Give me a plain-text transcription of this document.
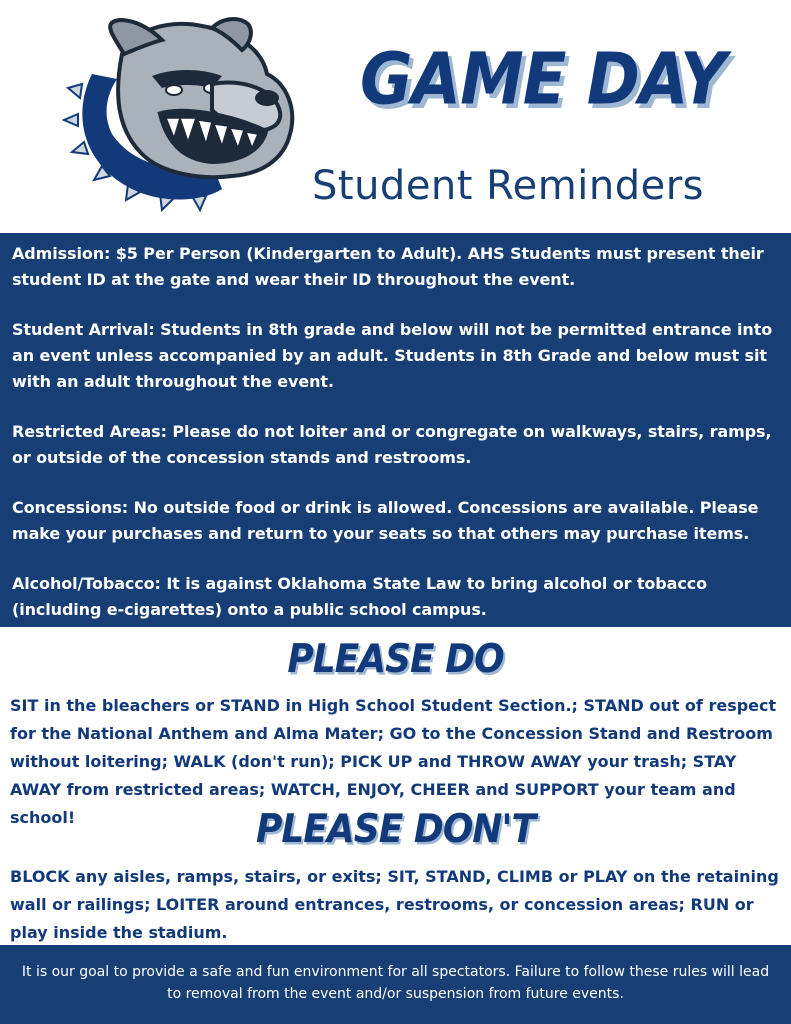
GAME DAY
Student Reminders

Admission: $5 Per Person (Kindergarten to Adult). AHS Students must present their student ID at the gate and wear their ID throughout the event.

Student Arrival: Students in 8th grade and below will not be permitted entrance into an event unless accompanied by an adult. Students in 8th Grade and below must sit with an adult throughout the event.

Restricted Areas: Please do not loiter and or congregate on walkways, stairs, ramps, or outside of the concession stands and restrooms.

Concessions: No outside food or drink is allowed. Concessions are available. Please make your purchases and return to your seats so that others may purchase items.

Alcohol/Tobacco: It is against Oklahoma State Law to bring alcohol or tobacco (including e-cigarettes) onto a public school campus.

PLEASE DO
SIT in the bleachers or STAND in High School Student Section.; STAND out of respect for the National Anthem and Alma Mater; GO to the Concession Stand and Restroom without loitering; WALK (don't run); PICK UP and THROW AWAY your trash; STAY AWAY from restricted areas; WATCH, ENJOY, CHEER and SUPPORT your team and school!	PLEASE DON'T
BLOCK any aisles, ramps, stairs, or exits; SIT, STAND, CLIMB or PLAY on the retaining wall or railings; LOITER around entrances, restrooms, or concession areas; RUN or play inside the stadium.
It is our goal to provide a safe and fun environment for all spectators. Failure to follow these rules will lead to removal from the event and/or suspension from future events.
